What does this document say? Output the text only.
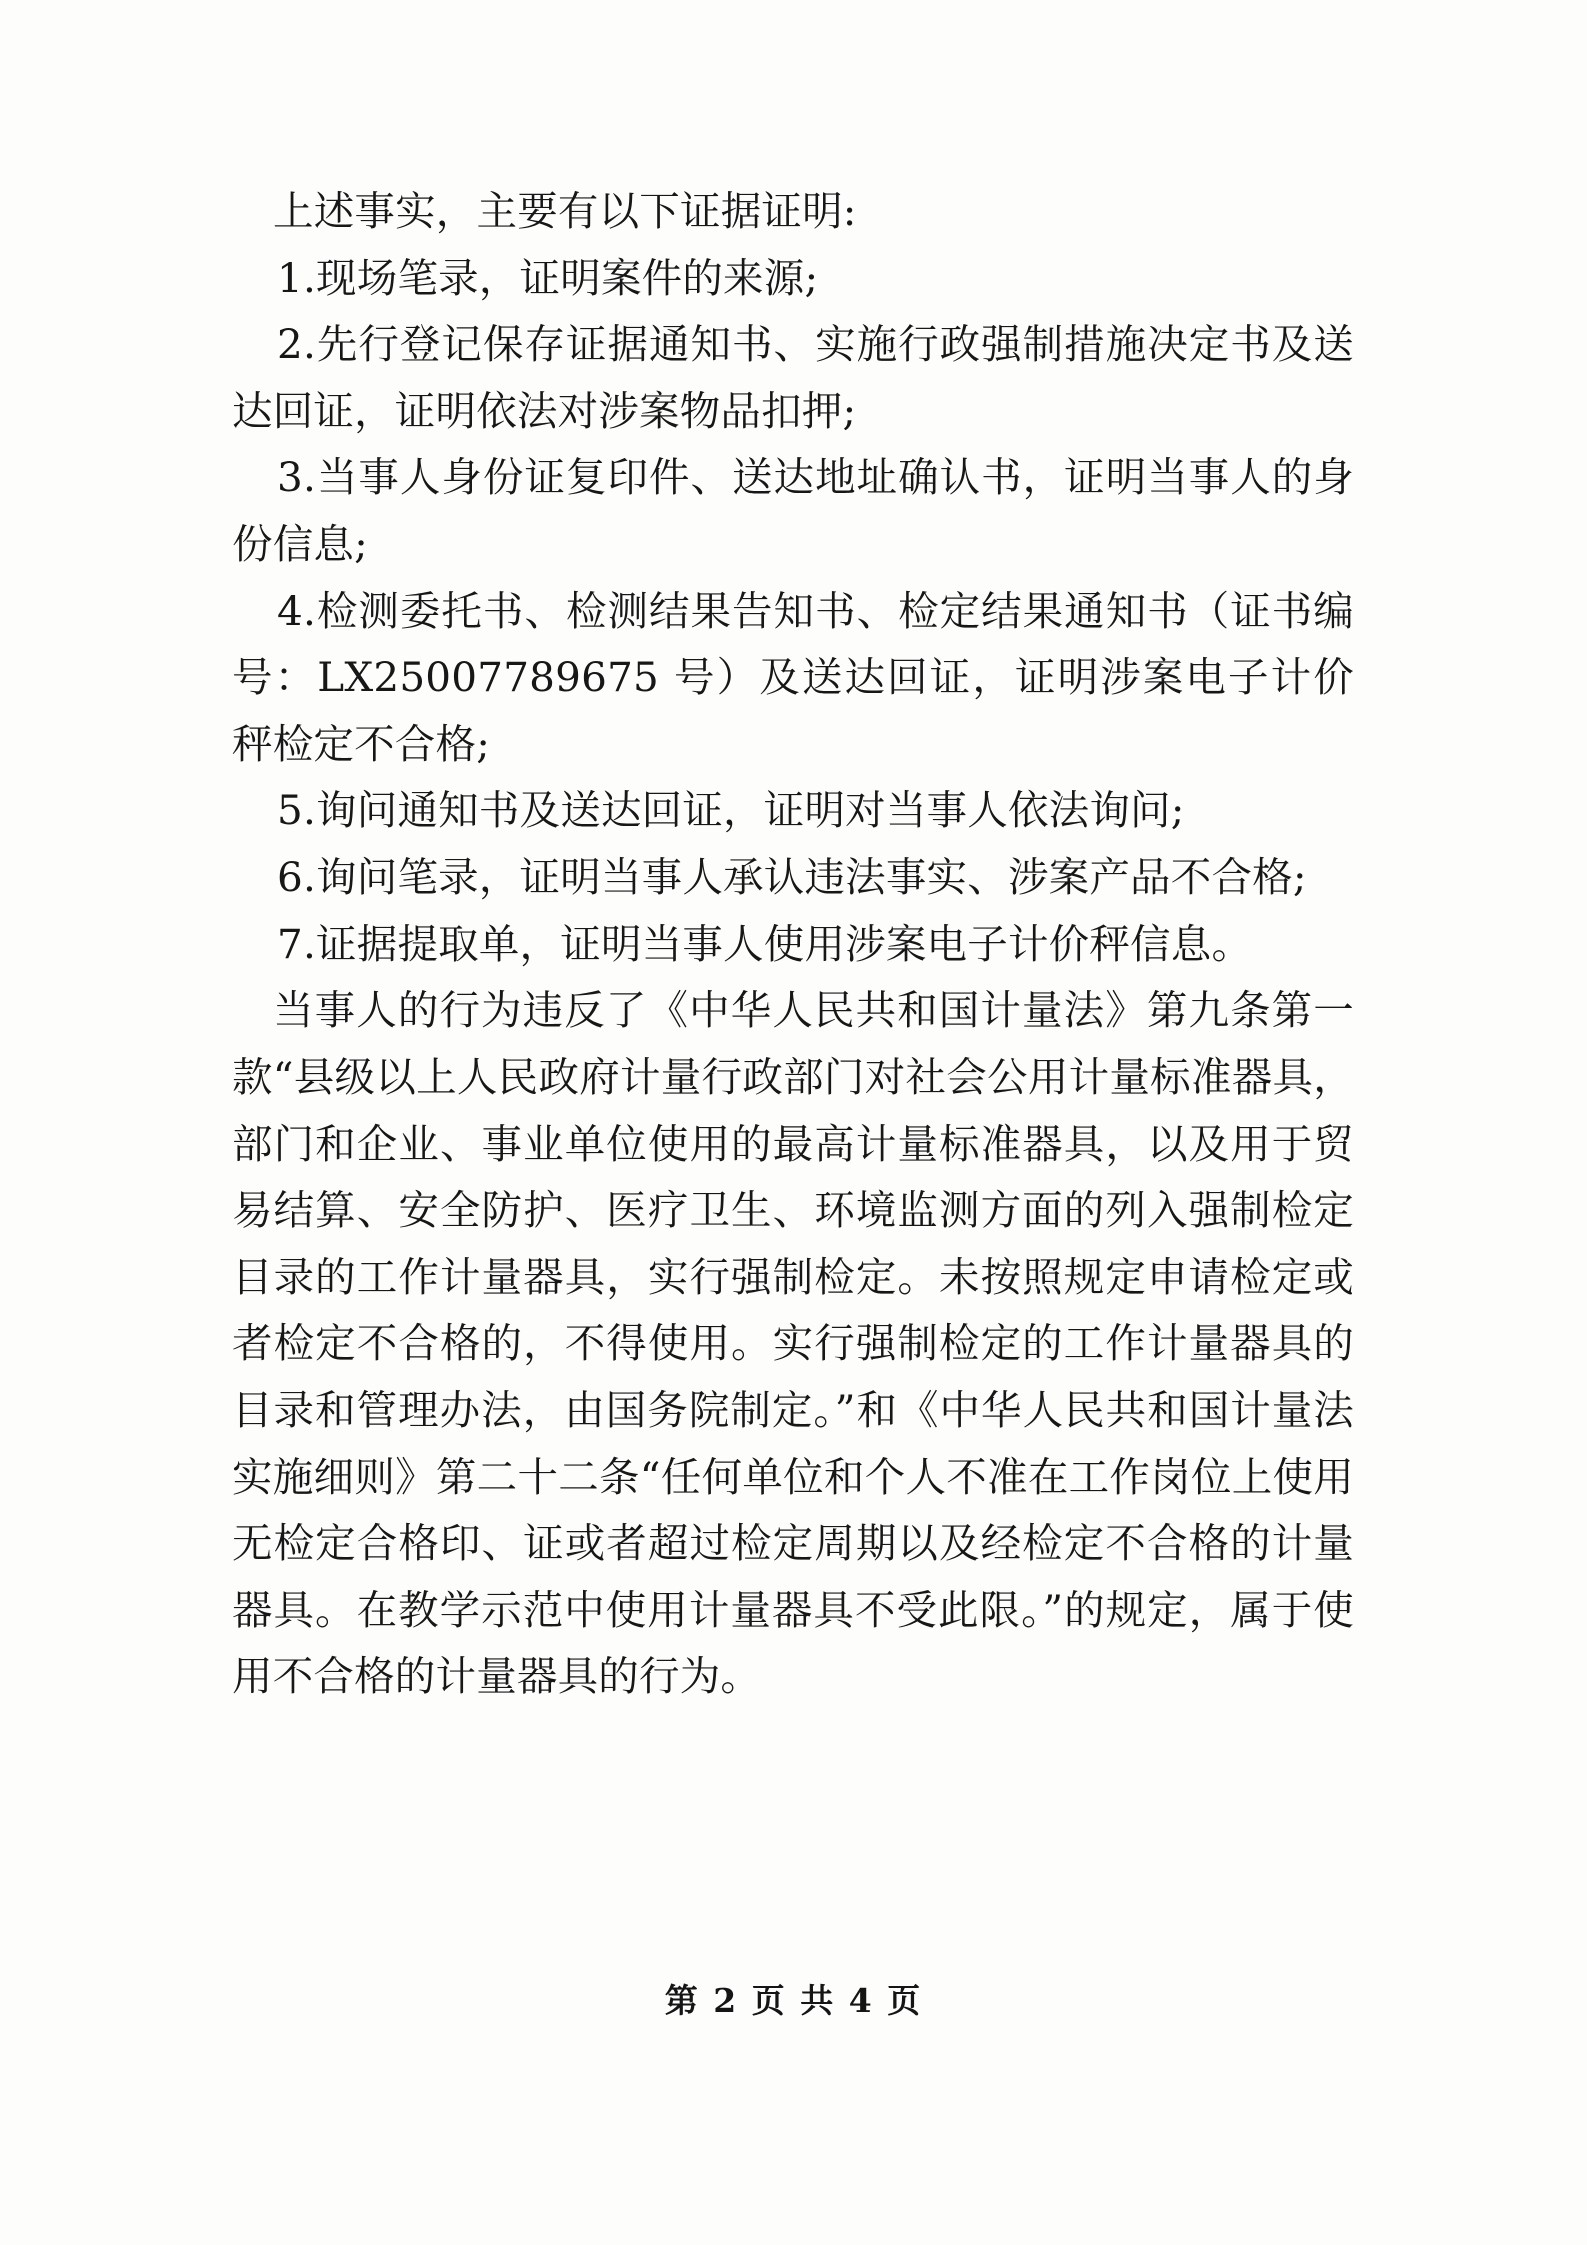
上述事实，主要有以下证据证明:

1.现场笔录，证明案件的来源;

2.先行登记保存证据通知书、实施行政强制措施决定书及送达回证，证明依法对涉案物品扣押;

3.当事人身份证复印件、送达地址确认书，证明当事人的身份信息;

4.检测委托书、检测结果告知书、检定结果通知书（证书编号：LX25007789675 号）及送达回证，证明涉案电子计价秤检定不合格;

5.询问通知书及送达回证，证明对当事人依法询问;

6.询问笔录，证明当事人承认违法事实、涉案产品不合格;

7.证据提取单，证明当事人使用涉案电子计价秤信息。

当事人的行为违反了《中华人民共和国计量法》第九条第一款“县级以上人民政府计量行政部门对社会公用计量标准器具，部门和企业、事业单位使用的最高计量标准器具，以及用于贸易结算、安全防护、医疗卫生、环境监测方面的列入强制检定目录的工作计量器具，实行强制检定。未按照规定申请检定或者检定不合格的，不得使用。实行强制检定的工作计量器具的目录和管理办法，由国务院制定。”和《中华人民共和国计量法实施细则》第二十二条“任何单位和个人不准在工作岗位上使用无检定合格印、证或者超过检定周期以及经检定不合格的计量器具。在教学示范中使用计量器具不受此限。”的规定，属于使用不合格的计量器具的行为。

第 2 页 共 4 页
